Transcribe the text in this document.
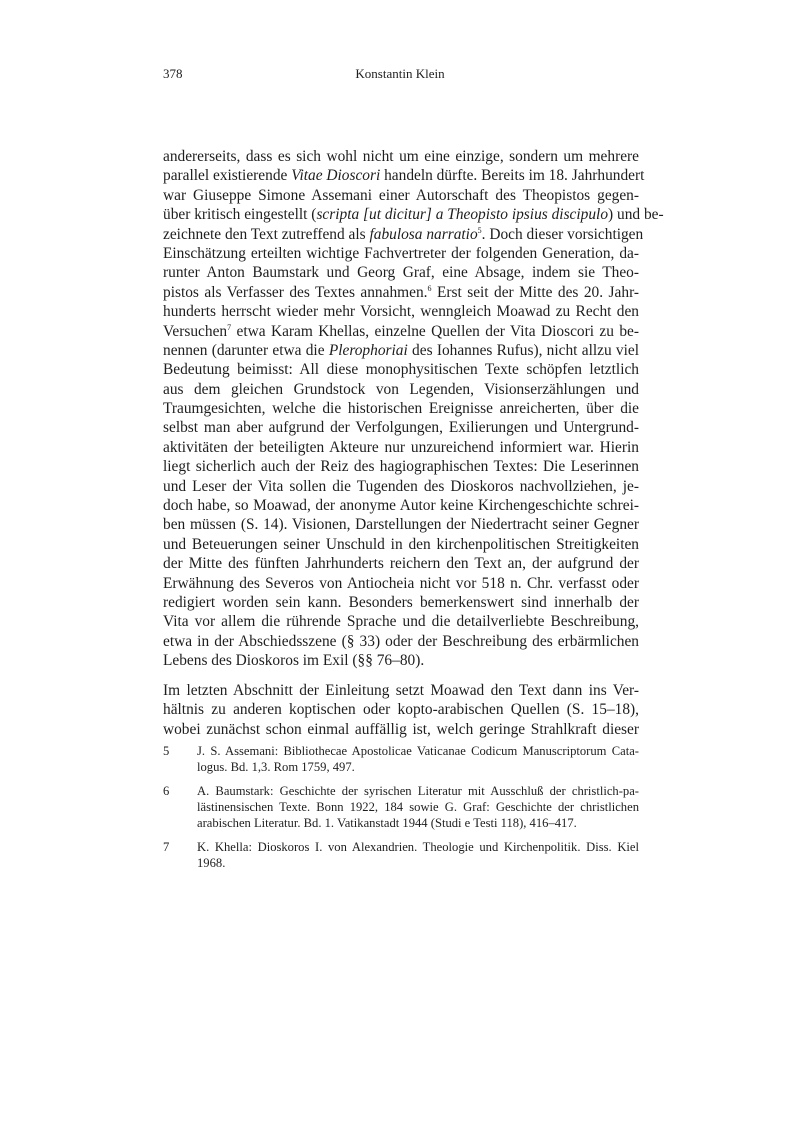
378	Konstantin Klein
andererseits, dass es sich wohl nicht um eine einzige, sondern um mehrere
parallel existierende Vitae Dioscori handeln dürfte. Bereits im 18. Jahrhundert
war Giuseppe Simone Assemani einer Autorschaft des Theopistos gegen-
über kritisch eingestellt (scripta [ut dicitur] a Theopisto ipsius discipulo) und be-
zeichnete den Text zutreffend als fabulosa narratio$^5$. Doch dieser vorsichtigen
Einschätzung erteilten wichtige Fachvertreter der folgenden Generation, da-
runter Anton Baumstark und Georg Graf, eine Absage, indem sie Theo-
pistos als Verfasser des Textes annahmen.$^6$ Erst seit der Mitte des 20. Jahr-
hunderts herrscht wieder mehr Vorsicht, wenngleich Moawad zu Recht den
Versuchen$^7$ etwa Karam Khellas, einzelne Quellen der Vita Dioscori zu be-
nennen (darunter etwa die Plerophoriai des Iohannes Rufus), nicht allzu viel
Bedeutung beimisst: All diese monophysitischen Texte schöpfen letztlich
aus dem gleichen Grundstock von Legenden, Visionserzählungen und
Traumgesichten, welche die historischen Ereignisse anreicherten, über die
selbst man aber aufgrund der Verfolgungen, Exilierungen und Untergrund-
aktivitäten der beteiligten Akteure nur unzureichend informiert war. Hierin
liegt sicherlich auch der Reiz des hagiographischen Textes: Die Leserinnen
und Leser der Vita sollen die Tugenden des Dioskoros nachvollziehen, je-
doch habe, so Moawad, der anonyme Autor keine Kirchengeschichte schrei-
ben müssen (S. 14). Visionen, Darstellungen der Niedertracht seiner Gegner
und Beteuerungen seiner Unschuld in den kirchenpolitischen Streitigkeiten
der Mitte des fünften Jahrhunderts reichern den Text an, der aufgrund der
Erwähnung des Severos von Antiocheia nicht vor 518 n. Chr. verfasst oder
redigiert worden sein kann. Besonders bemerkenswert sind innerhalb der
Vita vor allem die rührende Sprache und die detailverliebte Beschreibung,
etwa in der Abschiedsszene (§ 33) oder der Beschreibung des erbärmlichen
Lebens des Dioskoros im Exil (§§ 76–80).
Im letzten Abschnitt der Einleitung setzt Moawad den Text dann ins Ver-
hältnis zu anderen koptischen oder kopto-arabischen Quellen (S. 15–18),
wobei zunächst schon einmal auffällig ist, welch geringe Strahlkraft dieser
5 J. S. Assemani: Bibliothecae Apostolicae Vaticanae Codicum Manuscriptorum Cata-
logus. Bd. 1,3. Rom 1759, 497.
6 A. Baumstark: Geschichte der syrischen Literatur mit Ausschluß der christlich-pa-
lästinensischen Texte. Bonn 1922, 184 sowie G. Graf: Geschichte der christlichen
arabischen Literatur. Bd. 1. Vatikanstadt 1944 (Studi e Testi 118), 416–417.
7 K. Khella: Dioskoros I. von Alexandrien. Theologie und Kirchenpolitik. Diss. Kiel
1968.
